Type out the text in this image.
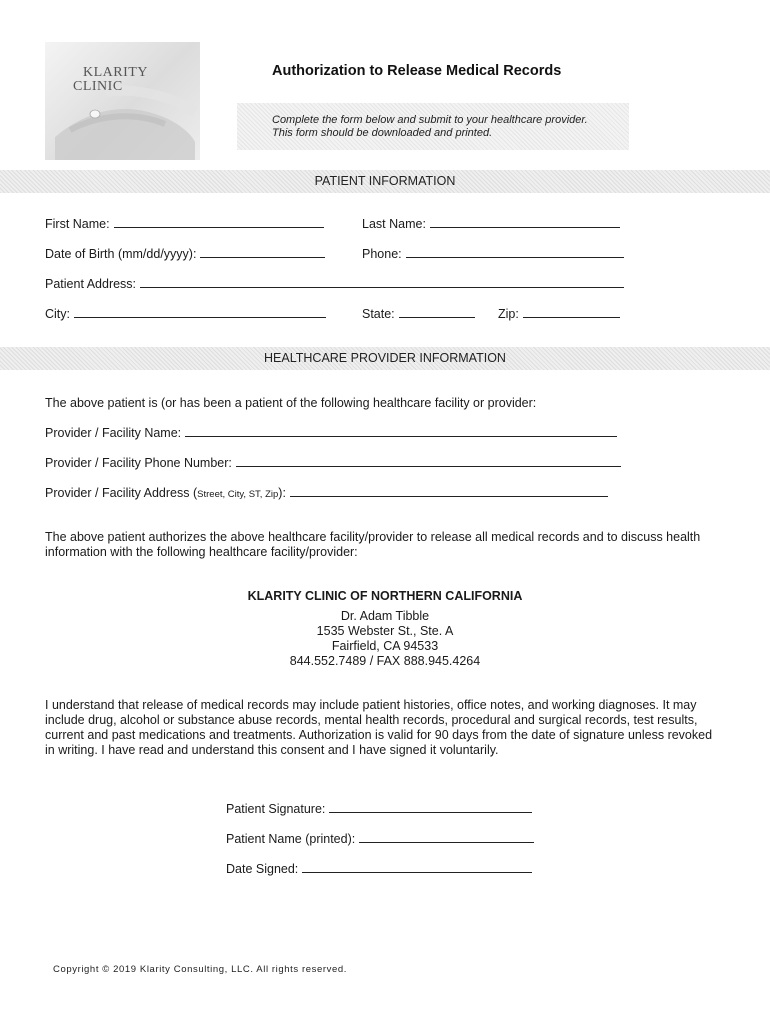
KLARITY
CLINIC
Authorization to Release Medical Records
Complete the form below and submit to your healthcare provider.
This form should be downloaded and printed.
PATIENT INFORMATION
First Name:	Last Name:
Date of Birth (mm/dd/yyyy):	Phone:
Patient Address:
City:	State:	Zip:
HEALTHCARE PROVIDER INFORMATION
The above patient is (or has been a patient of the following healthcare facility or provider:
Provider / Facility Name:
Provider / Facility Phone Number:
Provider / Facility Address (Street, City, ST, Zip):
The above patient authorizes the above healthcare facility/provider to release all medical records and to discuss health
information with the following healthcare facility/provider:
KLARITY CLINIC OF NORTHERN CALIFORNIA
Dr. Adam Tibble
1535 Webster St., Ste. A
Fairfield, CA 94533
844.552.7489 / FAX 888.945.4264
I understand that release of medical records may include patient histories, office notes, and working diagnoses. It may
include drug, alcohol or substance abuse records, mental health records, procedural and surgical records, test results,
current and past medications and treatments. Authorization is valid for 90 days from the date of signature unless revoked
in writing. I have read and understand this consent and I have signed it voluntarily.
Patient Signature:
Patient Name (printed):
Date Signed:
Copyright © 2019 Klarity Consulting, LLC. All rights reserved.
